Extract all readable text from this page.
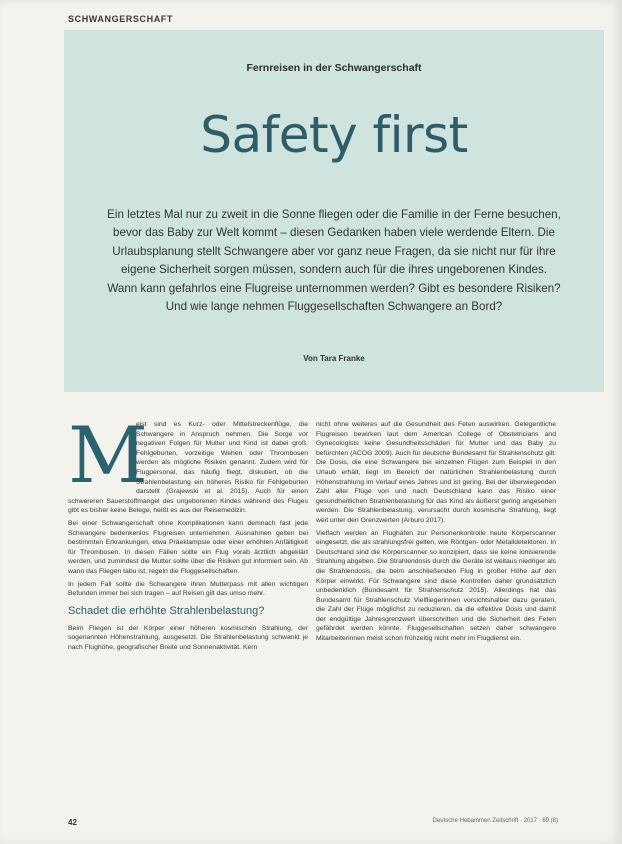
SCHWANGERSCHAFT
Fernreisen in der Schwangerschaft
Safety first
Ein letztes Mal nur zu zweit in die Sonne fliegen oder die Familie in der Ferne besuchen, bevor das Baby zur Welt kommt – diesen Gedanken haben viele werdende Eltern. Die Urlaubsplanung stellt Schwangere aber vor ganz neue Fragen, da sie nicht nur für ihre eigene Sicherheit sorgen müssen, sondern auch für die ihres ungeborenen Kindes. Wann kann gefahrlos eine Flugreise unternommen werden? Gibt es besondere Risiken? Und wie lange nehmen Fluggesellschaften Schwangere an Bord?
Von Tara Franke
M

eist sind es Kurz- oder Mittelstreckenflüge, die Schwangere in Anspruch nehmen. Die Sorge vor negativen Folgen für Mutter und Kind ist dabei groß. Fehlgeburten, vorzeitige Wehen oder Thrombosen werden als mögliche Risiken genannt. Zudem wird für Flugpersonal, das häufig fliegt, diskutiert, ob die Strahlenbelastung ein höheres Risiko für Fehlgeburten darstellt (Grajewski et al. 2015). Auch für einen schwereren Sauerstoffmangel des ungeborenen Kindes während des Fluges gibt es bisher keine Belege, heißt es aus der Reisemedizin.

Bei einer Schwangerschaft ohne Komplikationen kann demnach fast jede Schwangere bedenkenlos Flugreisen unternehmen. Ausnahmen gelten bei bestimmten Erkrankungen, etwa Präeklampsie oder einer erhöhten Anfälligkeit für Thrombosen. In diesen Fällen sollte ein Flug vorab ärztlich abgeklärt werden, und zumindest die Mutter sollte über die Risiken gut informiert sein. Ab wann das Fliegen tabu ist, regeln die Fluggesellschaften.

In jedem Fall sollte die Schwangere ihren Mutterpass mit allen wichtigen Befunden immer bei sich tragen – auf Reisen gilt das umso mehr.

Schadet die erhöhte Strahlenbelastung?

Beim Fliegen ist der Körper einer höheren kosmischen Strahlung, der sogenannten Höhenstrahlung, ausgesetzt. Die Strahlenbelastung schwankt je nach Flughöhe, geografischer Breite und Sonnenaktivität. Kern

nicht ohne weiteres auf die Gesundheit des Feten auswirken. Gelegentliche Flugreisen bewirken laut dem American College of Obstetricians and Gynecologists keine Gesundheitsschäden für Mutter und das Baby zu befürchten (ACOG 2009). Auch für deutsche Bundesamt für Strahlenschutz gilt: Die Dosis, die eine Schwangere bei einzelnen Flügen zum Beispiel in den Urlaub erhält, liegt im Bereich der natürlichen Strahlenbelastung durch Höhenstrahlung im Verlauf eines Jahres und ist gering. Bei der überwiegenden Zahl aller Flüge von und nach Deutschland kann das Risiko einer gesundheitlichen Strahlenbelastung für das Kind als äußerst gering angesehen werden. Die Strahlenbelastung, verursacht durch kosmische Strahlung, liegt weit unter den Grenzwerten (Arburo 2017).

Vielfach werden an Flughäfen zur Personenkontrolle heute Körperscanner eingesetzt, die als strahlungsfrei gelten, wie Röntgen- oder Metalldetektoren. In Deutschland sind die Körperscanner so konzipiert, dass sie keine ionisierende Strahlung abgeben. Die Strahlendosis durch die Geräte ist weitaus niedriger als die Strahlendosis, die beim anschließenden Flug in großer Höhe auf den Körper einwirkt. Für Schwangere sind diese Kontrollen daher grundsätzlich unbedenklich (Bundesamt für Strahlenschutz 2015). Allerdings hat das Bundesamt für Strahlenschutz Vielfliegerinnen vorsichtshalber dazu geraten, die Zahl der Flüge möglichst zu reduzieren, da die effektive Dosis und damit der endgültige Jahresgrenzwert überschritten und die Sicherheit des Feten gefährdet werden könnte. Fluggesellschaften setzen daher schwangere Mitarbeiterinnen meist schon frühzeitig nicht mehr im Flugdienst ein.

42	Deutsche Hebammen Zeitschrift · 2017 · 69 (8)
